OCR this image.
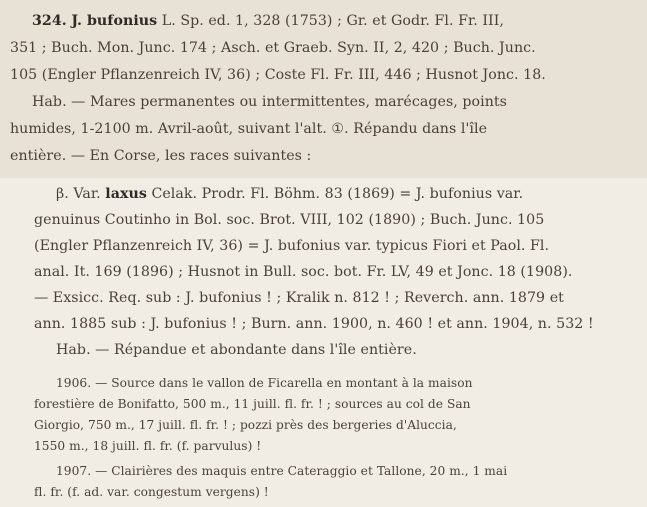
324. J. bufonius L. Sp. ed. 1, 328 (1753) ; Gr. et Godr. Fl. Fr. III,
351 ; Buch. Mon. Junc. 174 ; Asch. et Graeb. Syn. II, 2, 420 ; Buch. Junc.
105 (Engler Pflanzenreich IV, 36) ; Coste Fl. Fr. III, 446 ; Husnot Jonc. 18.
Hab. — Mares permanentes ou intermittentes, marécages, points
humides, 1-2100 m. Avril-août, suivant l'alt. ①. Répandu dans l'île
entière. — En Corse, les races suivantes :
β. Var. laxus Celak. Prodr. Fl. Böhm. 83 (1869) = J. bufonius var.
genuinus Coutinho in Bol. soc. Brot. VIII, 102 (1890) ; Buch. Junc. 105
(Engler Pflanzenreich IV, 36) = J. bufonius var. typicus Fiori et Paol. Fl.
anal. It. 169 (1896) ; Husnot in Bull. soc. bot. Fr. LV, 49 et Jonc. 18 (1908).
— Exsicc. Req. sub : J. bufonius ! ; Kralik n. 812 ! ; Reverch. ann. 1879 et
ann. 1885 sub : J. bufonius ! ; Burn. ann. 1900, n. 460 ! et ann. 1904, n. 532 !
Hab. — Répandue et abondante dans l'île entière.
1906. — Source dans le vallon de Ficarella en montant à la maison
forestière de Bonifatto, 500 m., 11 juill. fl. fr. ! ; sources au col de San
Giorgio, 750 m., 17 juill. fl. fr. ! ; pozzi près des bergeries d'Alucciа,
1550 m., 18 juill. fl. fr. (f. parvulus) !
1907. — Clairières des maquis entre Cateraggio et Tallone, 20 m., 1 mai
fl. fr. (f. ad. var. congestum vergens) !
